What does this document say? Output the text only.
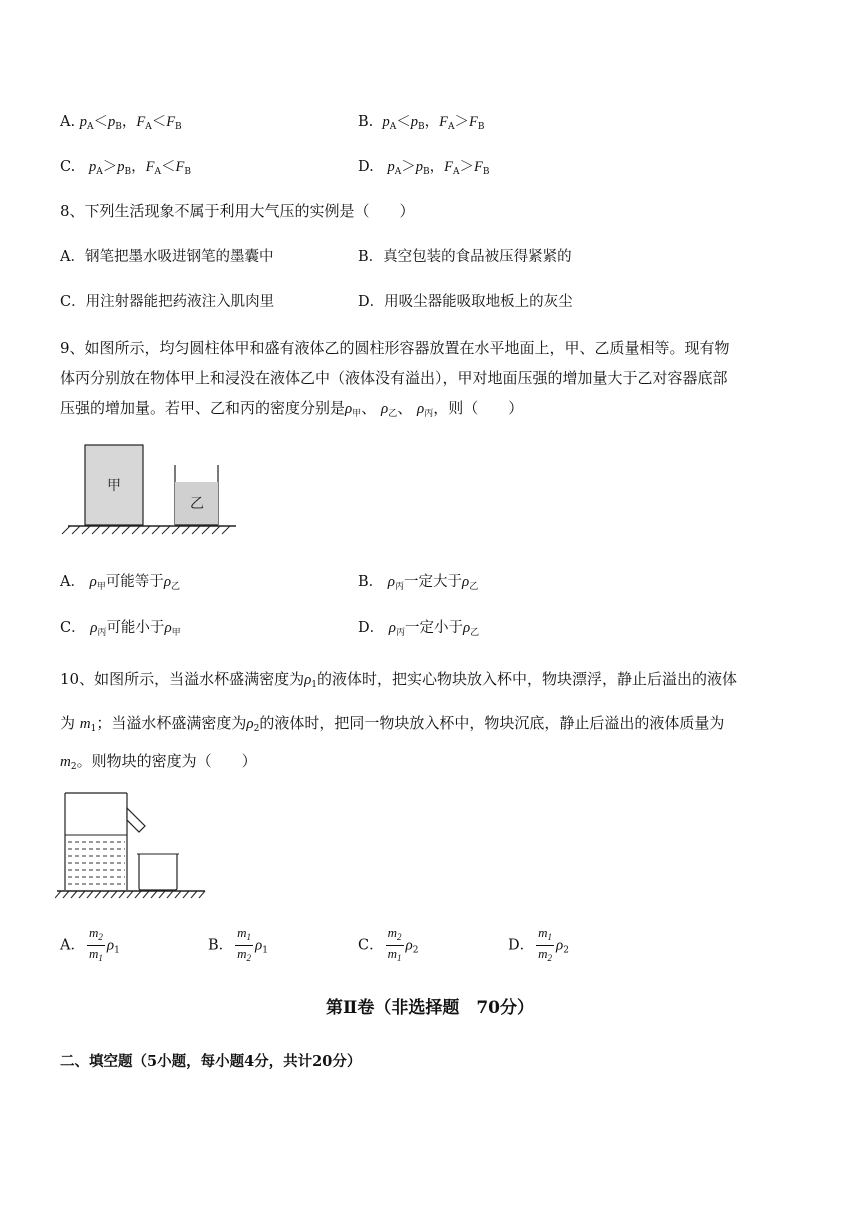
A. $p_A<p_B$，$F_A<F_B$	B. $p_A<p_B$，$F_A>F_B$
C. $p_A>p_B$，$F_A<F_B$	D. $p_A>p_B$，$F_A>F_B$
8、下列生活现象不属于利用大气压的实例是（　　）
A．钢笔把墨水吸进钢笔的墨囊中	B．真空包装的食品被压得紧紧的
C．用注射器能把药液注入肌肉里	D．用吸尘器能吸取地板上的灰尘
9、如图所示，均匀圆柱体甲和盛有液体乙的圆柱形容器放置在水平地面上，甲、乙质量相等。现有物
体丙分别放在物体甲上和浸没在液体乙中（液体没有溢出），甲对地面压强的增加量大于乙对容器底部
压强的增加量。若甲、乙和丙的密度分别是$\rho_甲$、 $\rho_乙$、 $\rho_丙$，则（　　）
甲
乙
A． $\rho_甲$可能等于$\rho_乙$	B． $\rho_丙$一定大于$\rho_乙$
C． $\rho_丙$可能小于$\rho_甲$	D． $\rho_丙$一定小于$\rho_乙$
10、如图所示，当溢水杯盛满密度为$\rho_1$的液体时，把实心物块放入杯中，物块漂浮，静止后溢出的液体
为 $m_1$；当溢水杯盛满密度为$\rho_2$的液体时，把同一物块放入杯中，物块沉底，静止后溢出的液体质量为
$m_2$。则物块的密度为（　　）
A． $\frac{m_2}{m_1} \rho_1$	B． $\frac{m_1}{m_2} \rho_1$	C． $\frac{m_2}{m_1} \rho_2$	D． $\frac{m_1}{m_2} \rho_2$
第Ⅱ卷（非选择题　70分）
二、填空题（5小题，每小题4分，共计20分）
